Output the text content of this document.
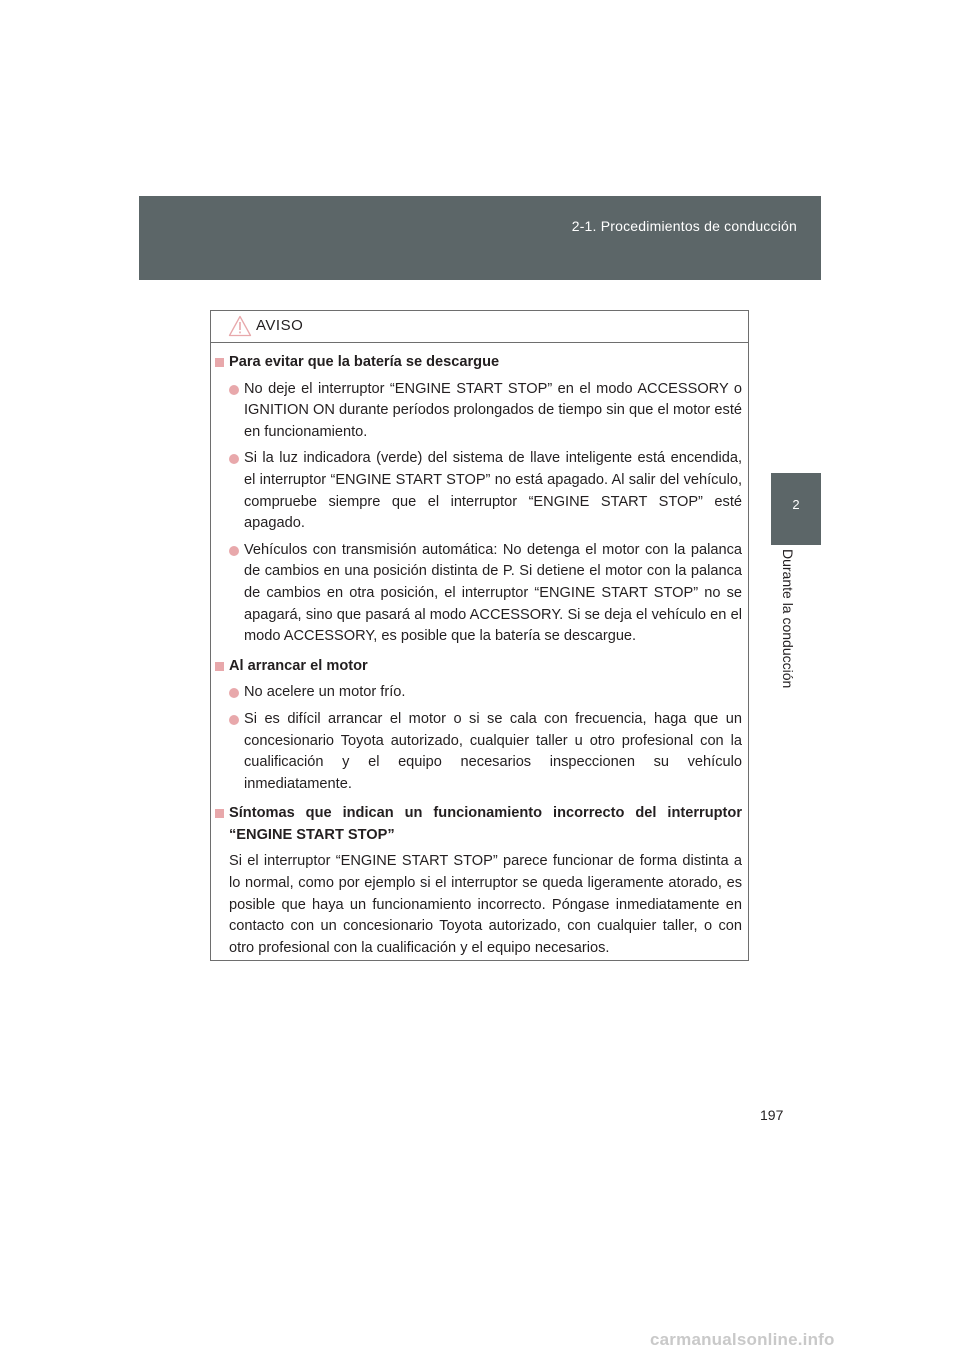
2-1. Procedimientos de conducción
2
Durante la conducción
AVISO
Para evitar que la batería se descargue
No deje el interruptor “ENGINE START STOP” en el modo ACCESSORY o IGNITION ON durante períodos prolongados de tiempo sin que el motor esté en funcionamiento.
Si la luz indicadora (verde) del sistema de llave inteligente está encendida, el interruptor “ENGINE START STOP” no está apagado. Al salir del vehículo, compruebe siempre que el interruptor “ENGINE START STOP” esté apagado.
Vehículos con transmisión automática: No detenga el motor con la palanca de cambios en una posición distinta de P. Si detiene el motor con la palanca de cambios en otra posición, el interruptor “ENGINE START STOP” no se apagará, sino que pasará al modo ACCESSORY. Si se deja el vehículo en el modo ACCESSORY, es posible que la batería se descargue.
Al arrancar el motor
No acelere un motor frío.
Si es difícil arrancar el motor o si se cala con frecuencia, haga que un concesionario Toyota autorizado, cualquier taller u otro profesional con la cualificación y el equipo necesarios inspeccionen su vehículo inmediatamente.
Síntomas que indican un funcionamiento incorrecto del interruptor “ENGINE START STOP”
Si el interruptor “ENGINE START STOP” parece funcionar de forma distinta a lo normal, como por ejemplo si el interruptor se queda ligeramente atorado, es posible que haya un funcionamiento incorrecto. Póngase inmediatamente en contacto con un concesionario Toyota autorizado, con cualquier taller, o con otro profesional con la cualificación y el equipo necesarios.
197
carmanualsonline.info
